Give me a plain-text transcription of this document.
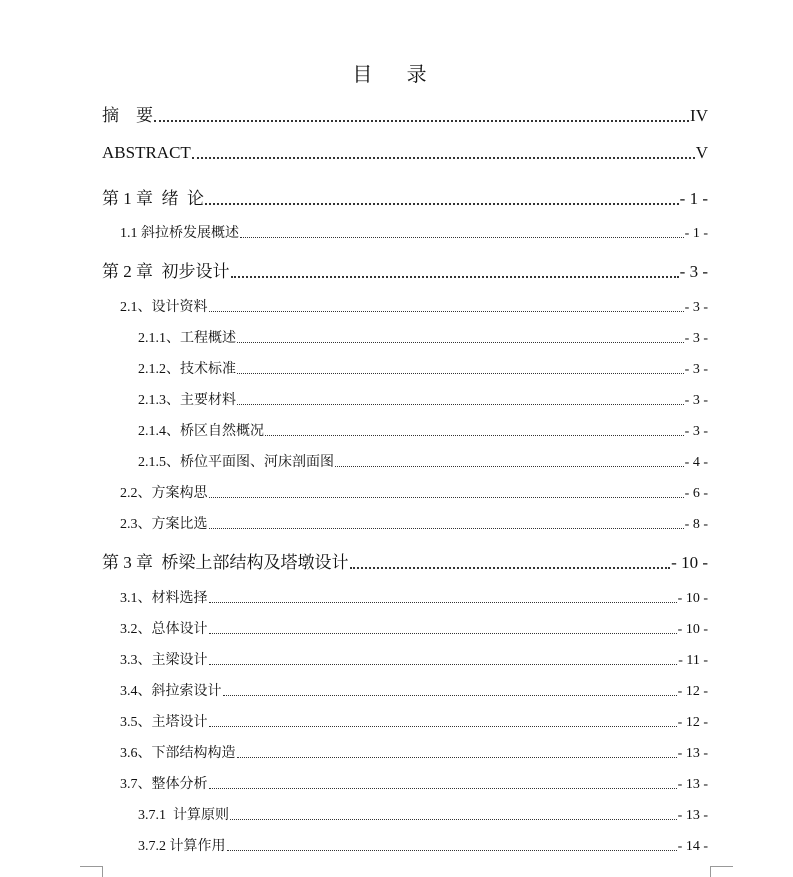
目 录
摘    要	IV
ABSTRACT	V
第 1 章  绪  论	- 1 -
1.1 斜拉桥发展概述	- 1 -
第 2 章  初步设计	- 3 -
2.1、设计资料	- 3 -
2.1.1、工程概述	- 3 -
2.1.2、技术标准	- 3 -
2.1.3、主要材料	- 3 -
2.1.4、桥区自然概况	- 3 -
2.1.5、桥位平面图、河床剖面图	- 4 -
2.2、方案构思	- 6 -
2.3、方案比选	- 8 -
第 3 章  桥梁上部结构及塔墩设计	- 10 -
3.1、材料选择	- 10 -
3.2、总体设计	- 10 -
3.3、主梁设计	- 11 -
3.4、斜拉索设计	- 12 -
3.5、主塔设计	- 12 -
3.6、下部结构构造	- 13 -
3.7、整体分析	- 13 -
3.7.1  计算原则	- 13 -
3.7.2 计算作用	- 14 -
